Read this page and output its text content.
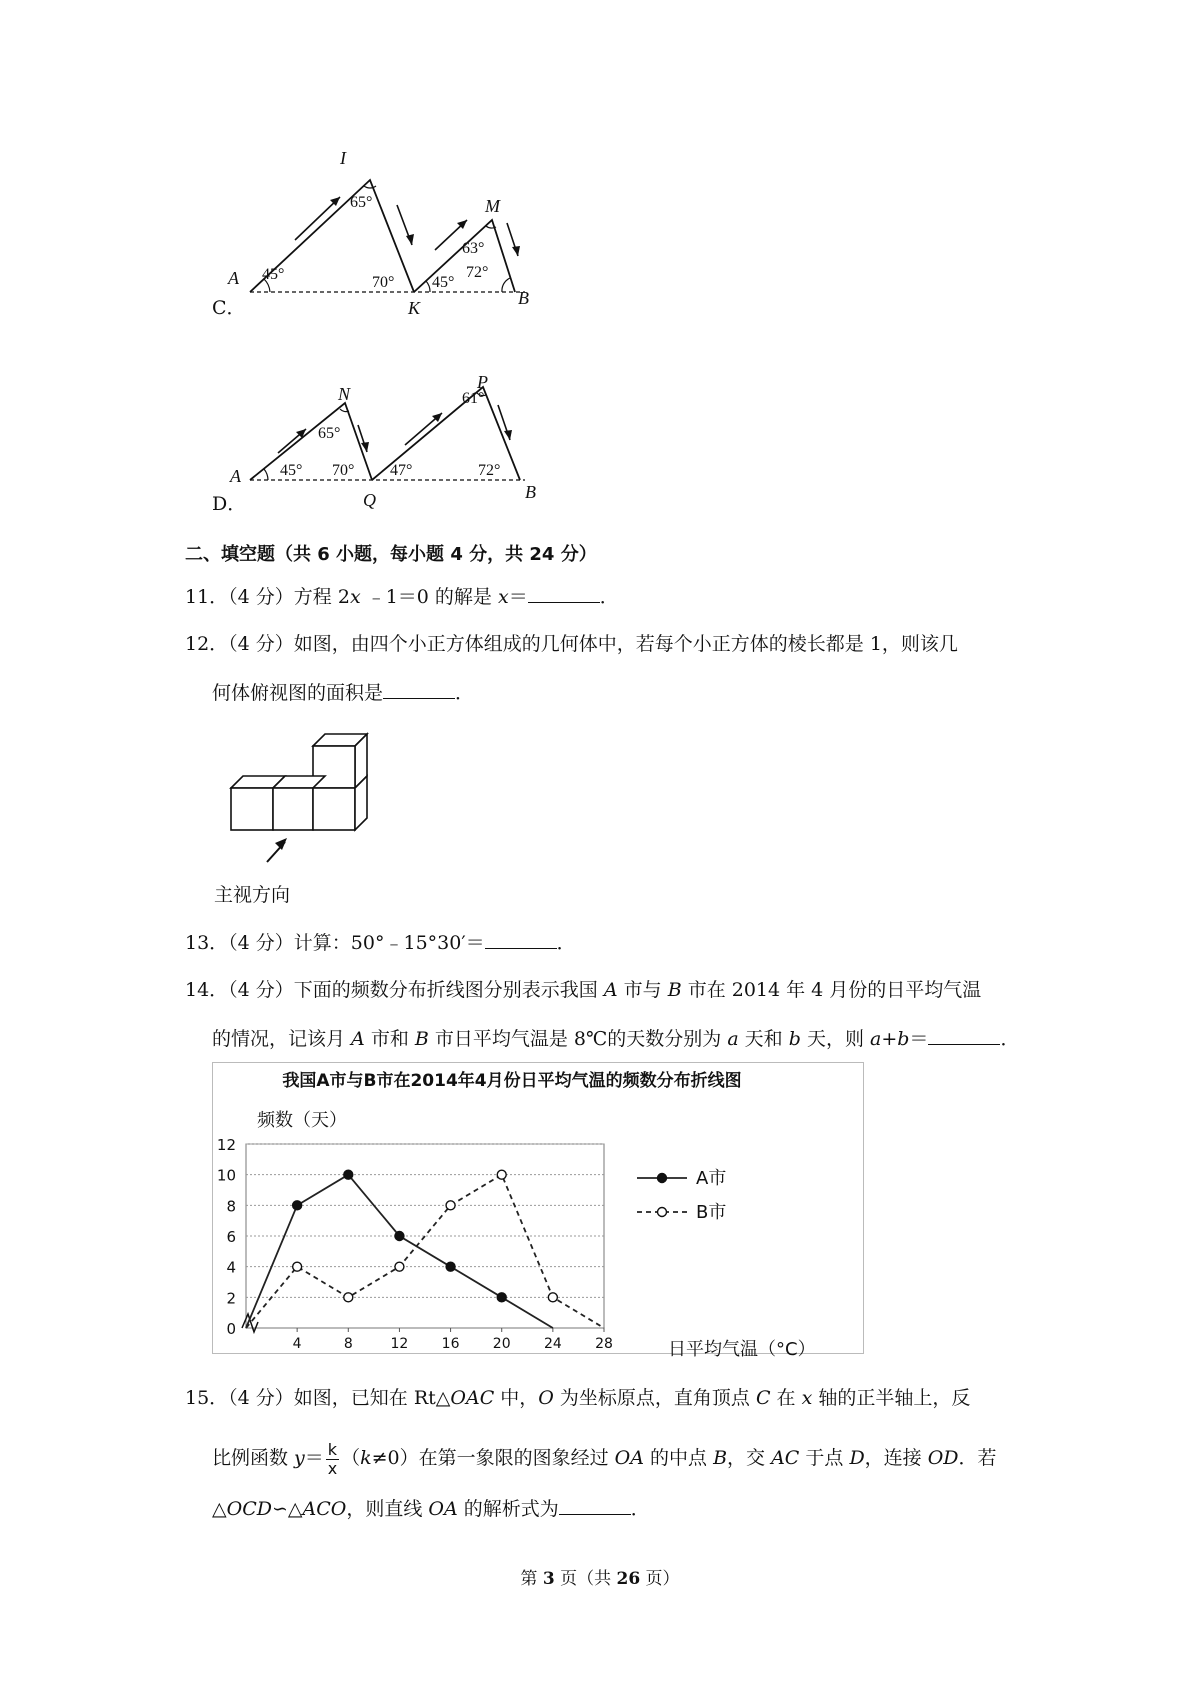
C．
A
I
K
M
B
45°
65°
70° 45°
63°
72°
D．
A
N
Q
P
B
45°
65°
70° 47°
61°
72°
二、填空题（共 6 小题，每小题 4 分，共 24 分）
11．（4 分）方程 2x ﹣1＝0 的解是 x＝	．
12．（4 分）如图，由四个小正方体组成的几何体中，若每个小正方体的棱长都是 1，则该几
何体俯视图的面积是	．
主视方向
13．（4 分）计算：50°﹣15°30′＝	．
14．（4 分）下面的频数分布折线图分别表示我国 A 市与 B 市在 2014 年 4 月份的日平均气温
的情况，记该月 A 市和 B 市日平均气温是 8℃的天数分别为 a 天和 b 天，则 a+b＝	．
我国A市与B市在2014年4月份日平均气温的频数分布折线图
频数（天）
日平均气温（°C）
0
2
4
6
8
10
12
4	8	12 16 20 24 28
A市
B市
15．（4 分）如图，已知在 Rt△OAC 中，O 为坐标原点，直角顶点 C 在 x 轴的正半轴上，反
比例函数 $y= \frac{k}{x} (k\ne 0)$在第一象限的图象经过 OA 的中点 B，交 AC 于点 D，连接 OD．若
△OCD∽△ACO，则直线 OA 的解析式为	．
第 3 页（共 26 页）
